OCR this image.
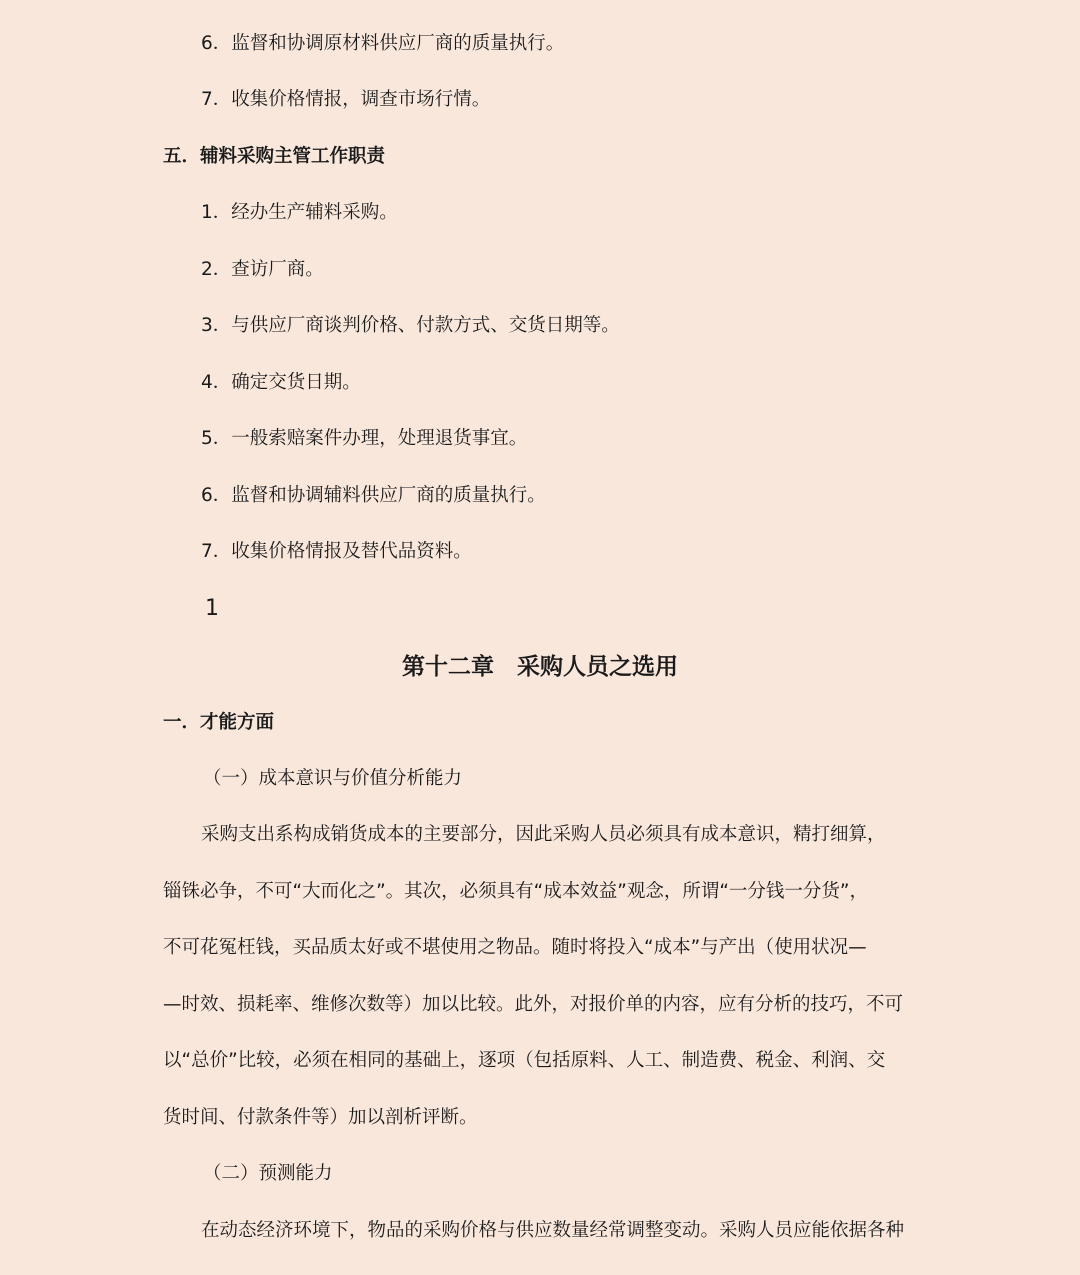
6．监督和协调原材料供应厂商的质量执行。
7．收集价格情报，调查市场行情。
五．辅料采购主管工作职责
1．经办生产辅料采购。
2．查访厂商。
3．与供应厂商谈判价格、付款方式、交货日期等。
4．确定交货日期。
5．一般索赔案件办理，处理退货事宜。
6．监督和协调辅料供应厂商的质量执行。
7．收集价格情报及替代品资料。
1
第十二章　采购人员之选用
一．才能方面
（一）成本意识与价值分析能力
采购支出系构成销货成本的主要部分，因此采购人员必须具有成本意识，精打细算，
锱铢必争，不可“大而化之”。其次，必须具有“成本效益”观念，所谓“一分钱一分货”，
不可花冤枉钱，买品质太好或不堪使用之物品。随时将投入“成本”与产出（使用状况—
—时效、损耗率、维修次数等）加以比较。此外，对报价单的内容，应有分析的技巧，不可
以“总价”比较，必须在相同的基础上，逐项（包括原料、人工、制造费、税金、利润、交
货时间、付款条件等）加以剖析评断。
（二）预测能力
在动态经济环境下，物品的采购价格与供应数量经常调整变动。采购人员应能依据各种
